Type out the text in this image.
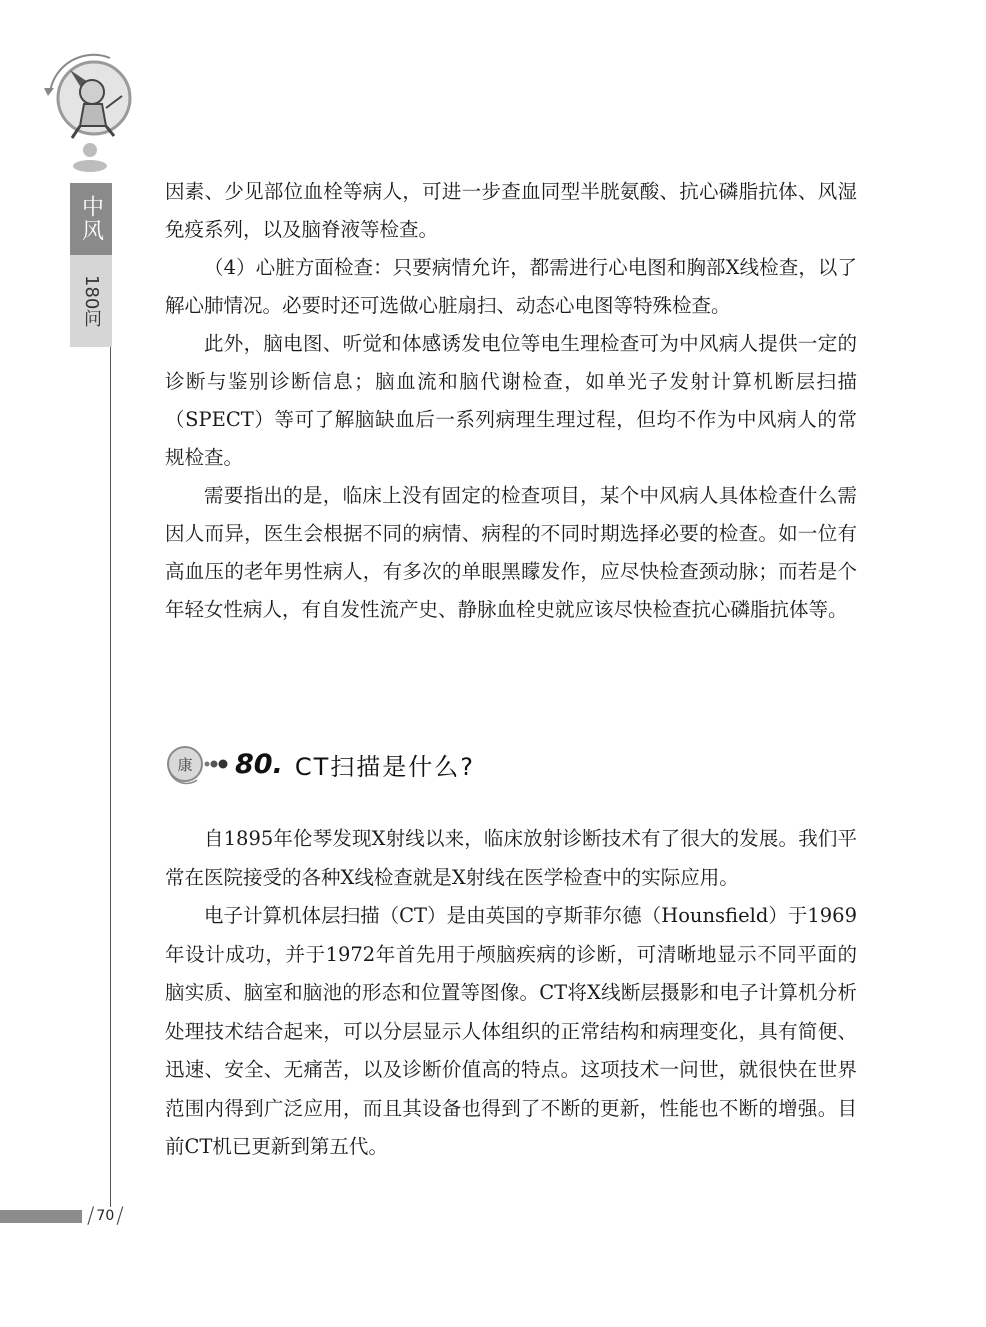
中风
180问

因素、少见部位血栓等病人，可进一步查血同型半胱氨酸、抗心磷脂抗体、风湿免疫系列，以及脑脊液等检查。

（4）心脏方面检查：只要病情允许，都需进行心电图和胸部X线检查，以了解心肺情况。必要时还可选做心脏扇扫、动态心电图等特殊检查。

此外，脑电图、听觉和体感诱发电位等电生理检查可为中风病人提供一定的诊断与鉴别诊断信息；脑血流和脑代谢检查，如单光子发射计算机断层扫描（SPECT）等可了解脑缺血后一系列病理生理过程，但均不作为中风病人的常规检查。

需要指出的是，临床上没有固定的检查项目，某个中风病人具体检查什么需因人而异，医生会根据不同的病情、病程的不同时期选择必要的检查。如一位有高血压的老年男性病人，有多次的单眼黑矇发作，应尽快检查颈动脉；而若是个年轻女性病人，有自发性流产史、静脉血栓史就应该尽快检查抗心磷脂抗体等。

康 80. CT扫描是什么?

自1895年伦琴发现X射线以来，临床放射诊断技术有了很大的发展。我们平常在医院接受的各种X线检查就是X射线在医学检查中的实际应用。

电子计算机体层扫描（CT）是由英国的亨斯菲尔德（Hounsfield）于1969年设计成功，并于1972年首先用于颅脑疾病的诊断，可清晰地显示不同平面的脑实质、脑室和脑池的形态和位置等图像。CT将X线断层摄影和电子计算机分析处理技术结合起来，可以分层显示人体组织的正常结构和病理变化，具有简便、迅速、安全、无痛苦，以及诊断价值高的特点。这项技术一问世，就很快在世界范围内得到广泛应用，而且其设备也得到了不断的更新，性能也不断的增强。目前CT机已更新到第五代。

/ 70 /
